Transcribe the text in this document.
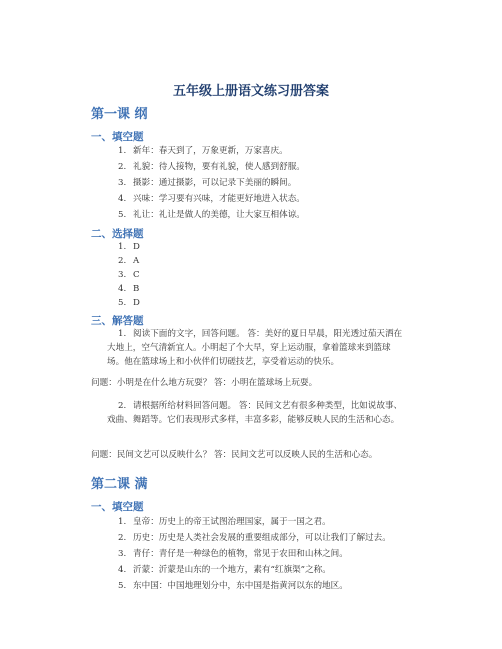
五年级上册语文练习册答案
第一课 纲
一、填空题
1. 新年：春天到了，万象更新，万家喜庆。
2. 礼貌：待人接物，要有礼貌，使人感到舒服。
3. 摄影：通过摄影，可以记录下美丽的瞬间。
4. 兴味：学习要有兴味，才能更好地进入状态。
5. 礼让：礼让是做人的美德，让大家互相体谅。
二、选择题
1. D
2. A
3. C
4. B
5. D
三、解答题
1. 阅读下面的文字，回答问题。 答：美好的夏日早晨，阳光透过茄天洒在大地上，空气清新宜人。小明起了个大早，穿上运动服，拿着篮球来到篮球场。他在篮球场上和小伙伴们切磋技艺，享受着运动的快乐。
问题：小明是在什么地方玩耍？ 答：小明在篮球场上玩耍。
2. 请根据所给材料回答问题。 答：民间文艺有很多种类型，比如说故事、戏曲、舞蹈等。它们表现形式多样，丰富多彩，能够反映人民的生活和心态。
问题：民间文艺可以反映什么？ 答：民间文艺可以反映人民的生活和心态。
第二课 满
一、填空题
1. 皇帝：历史上的帝王试图治理国家，属于一国之君。
2. 历史：历史是人类社会发展的重要组成部分，可以让我们了解过去。
3. 青仔：青仔是一种绿色的植物，常见于农田和山林之间。
4. 沂蒙：沂蒙是山东的一个地方，素有“红旗渠”之称。
5. 东中国：中国地理划分中，东中国是指黄河以东的地区。
